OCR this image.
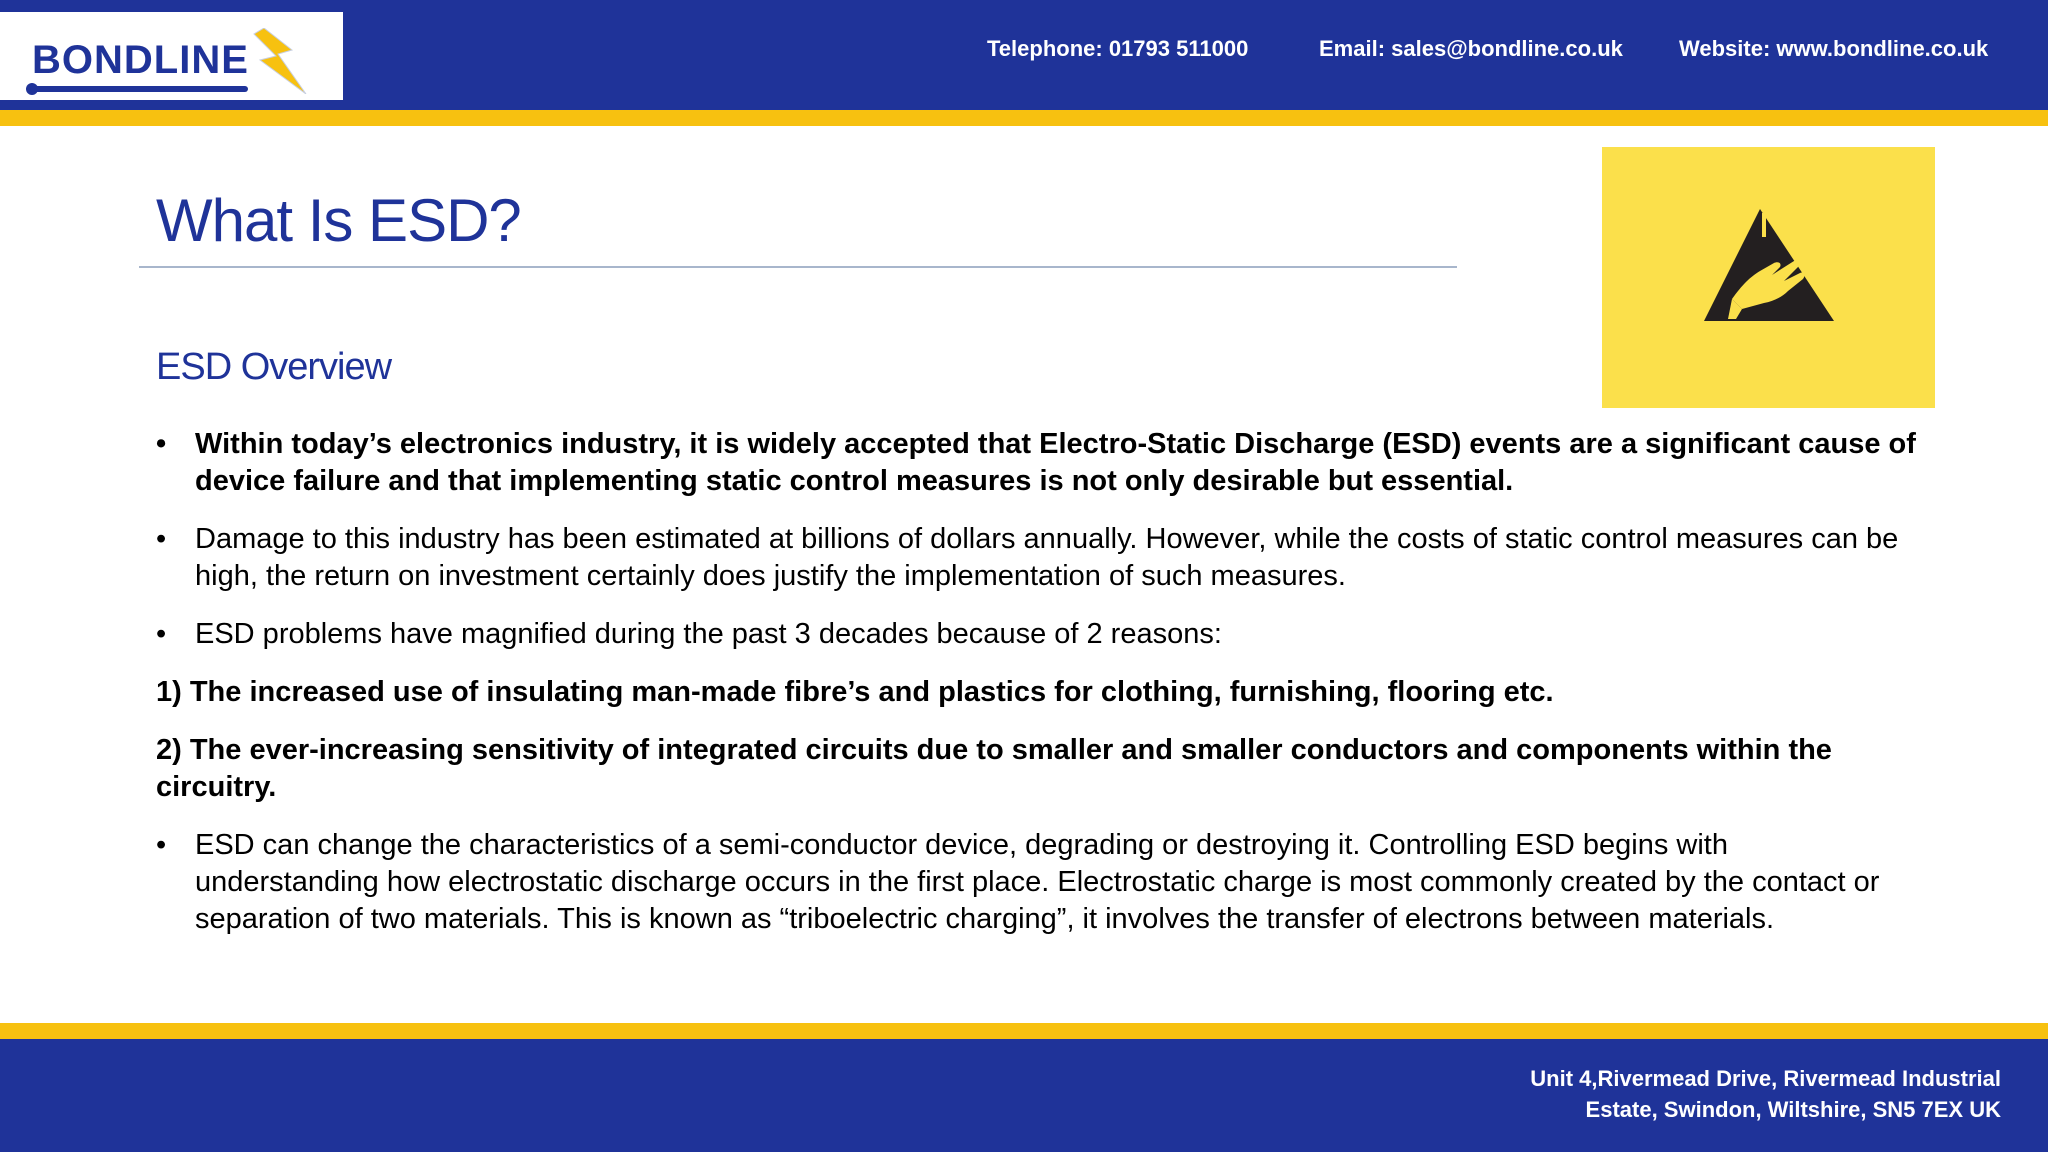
BONDLINE	Telephone: 01793 511000	Email: sales@bondline.co.uk	Website: www.bondline.co.uk
What Is ESD?
ESD Overview
• Within today’s electronics industry, it is widely accepted that Electro-Static Discharge (ESD) events are a significant cause of device failure and that implementing static control measures is not only desirable but essential.
• Damage to this industry has been estimated at billions of dollars annually. However, while the costs of static control measures can be high, the return on investment certainly does justify the implementation of such measures.
• ESD problems have magnified during the past 3 decades because of 2 reasons:
1) The increased use of insulating man-made fibre’s and plastics for clothing, furnishing, flooring etc.
2) The ever-increasing sensitivity of integrated circuits due to smaller and smaller conductors and components within the circuitry.
• ESD can change the characteristics of a semi-conductor device, degrading or destroying it. Controlling ESD begins with understanding how electrostatic discharge occurs in the first place. Electrostatic charge is most commonly created by the contact or separation of two materials. This is known as “triboelectric charging”, it involves the transfer of electrons between materials.
Unit 4,Rivermead Drive, Rivermead Industrial
Estate, Swindon, Wiltshire, SN5 7EX UK
